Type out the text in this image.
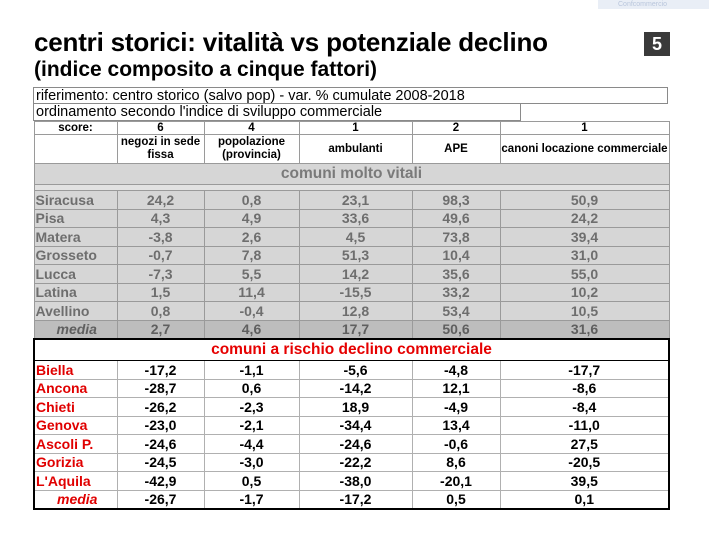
Confcommercio
centri storici: vitalità vs potenziale declino
(indice composito a cinque fattori)
5
riferimento: centro storico (salvo pop) - var. % cumulate 2008-2018
ordinamento secondo l'indice di sviluppo commerciale
score:	6	4	1	2	1
	negozi in sede fissa	popolazione (provincia)	ambulanti	APE	canoni locazione commerciale
comuni molto vitali					

Siracusa	24,2	0,8	23,1	98,3	50,9
Pisa	4,3	4,9	33,6	49,6	24,2
Matera	-3,8	2,6	4,5	73,8	39,4
Grosseto	-0,7	7,8	51,3	10,4	31,0
Lucca	-7,3	5,5	14,2	35,6	55,0
Latina	1,5	11,4	-15,5	33,2	10,2
Avellino	0,8	-0,4	12,8	53,4	10,5
media	2,7	4,6	17,7	50,6	31,6
comuni a rischio declino commerciale					
Biella	-17,2	-1,1	-5,6	-4,8	-17,7
Ancona	-28,7	0,6	-14,2	12,1	-8,6
Chieti	-26,2	-2,3	18,9	-4,9	-8,4
Genova	-23,0	-2,1	-34,4	13,4	-11,0
Ascoli P.	-24,6	-4,4	-24,6	-0,6	27,5
Gorizia	-24,5	-3,0	-22,2	8,6	-20,5
L'Aquila	-42,9	0,5	-38,0	-20,1	39,5
media	-26,7	-1,7	-17,2	0,5	0,1
